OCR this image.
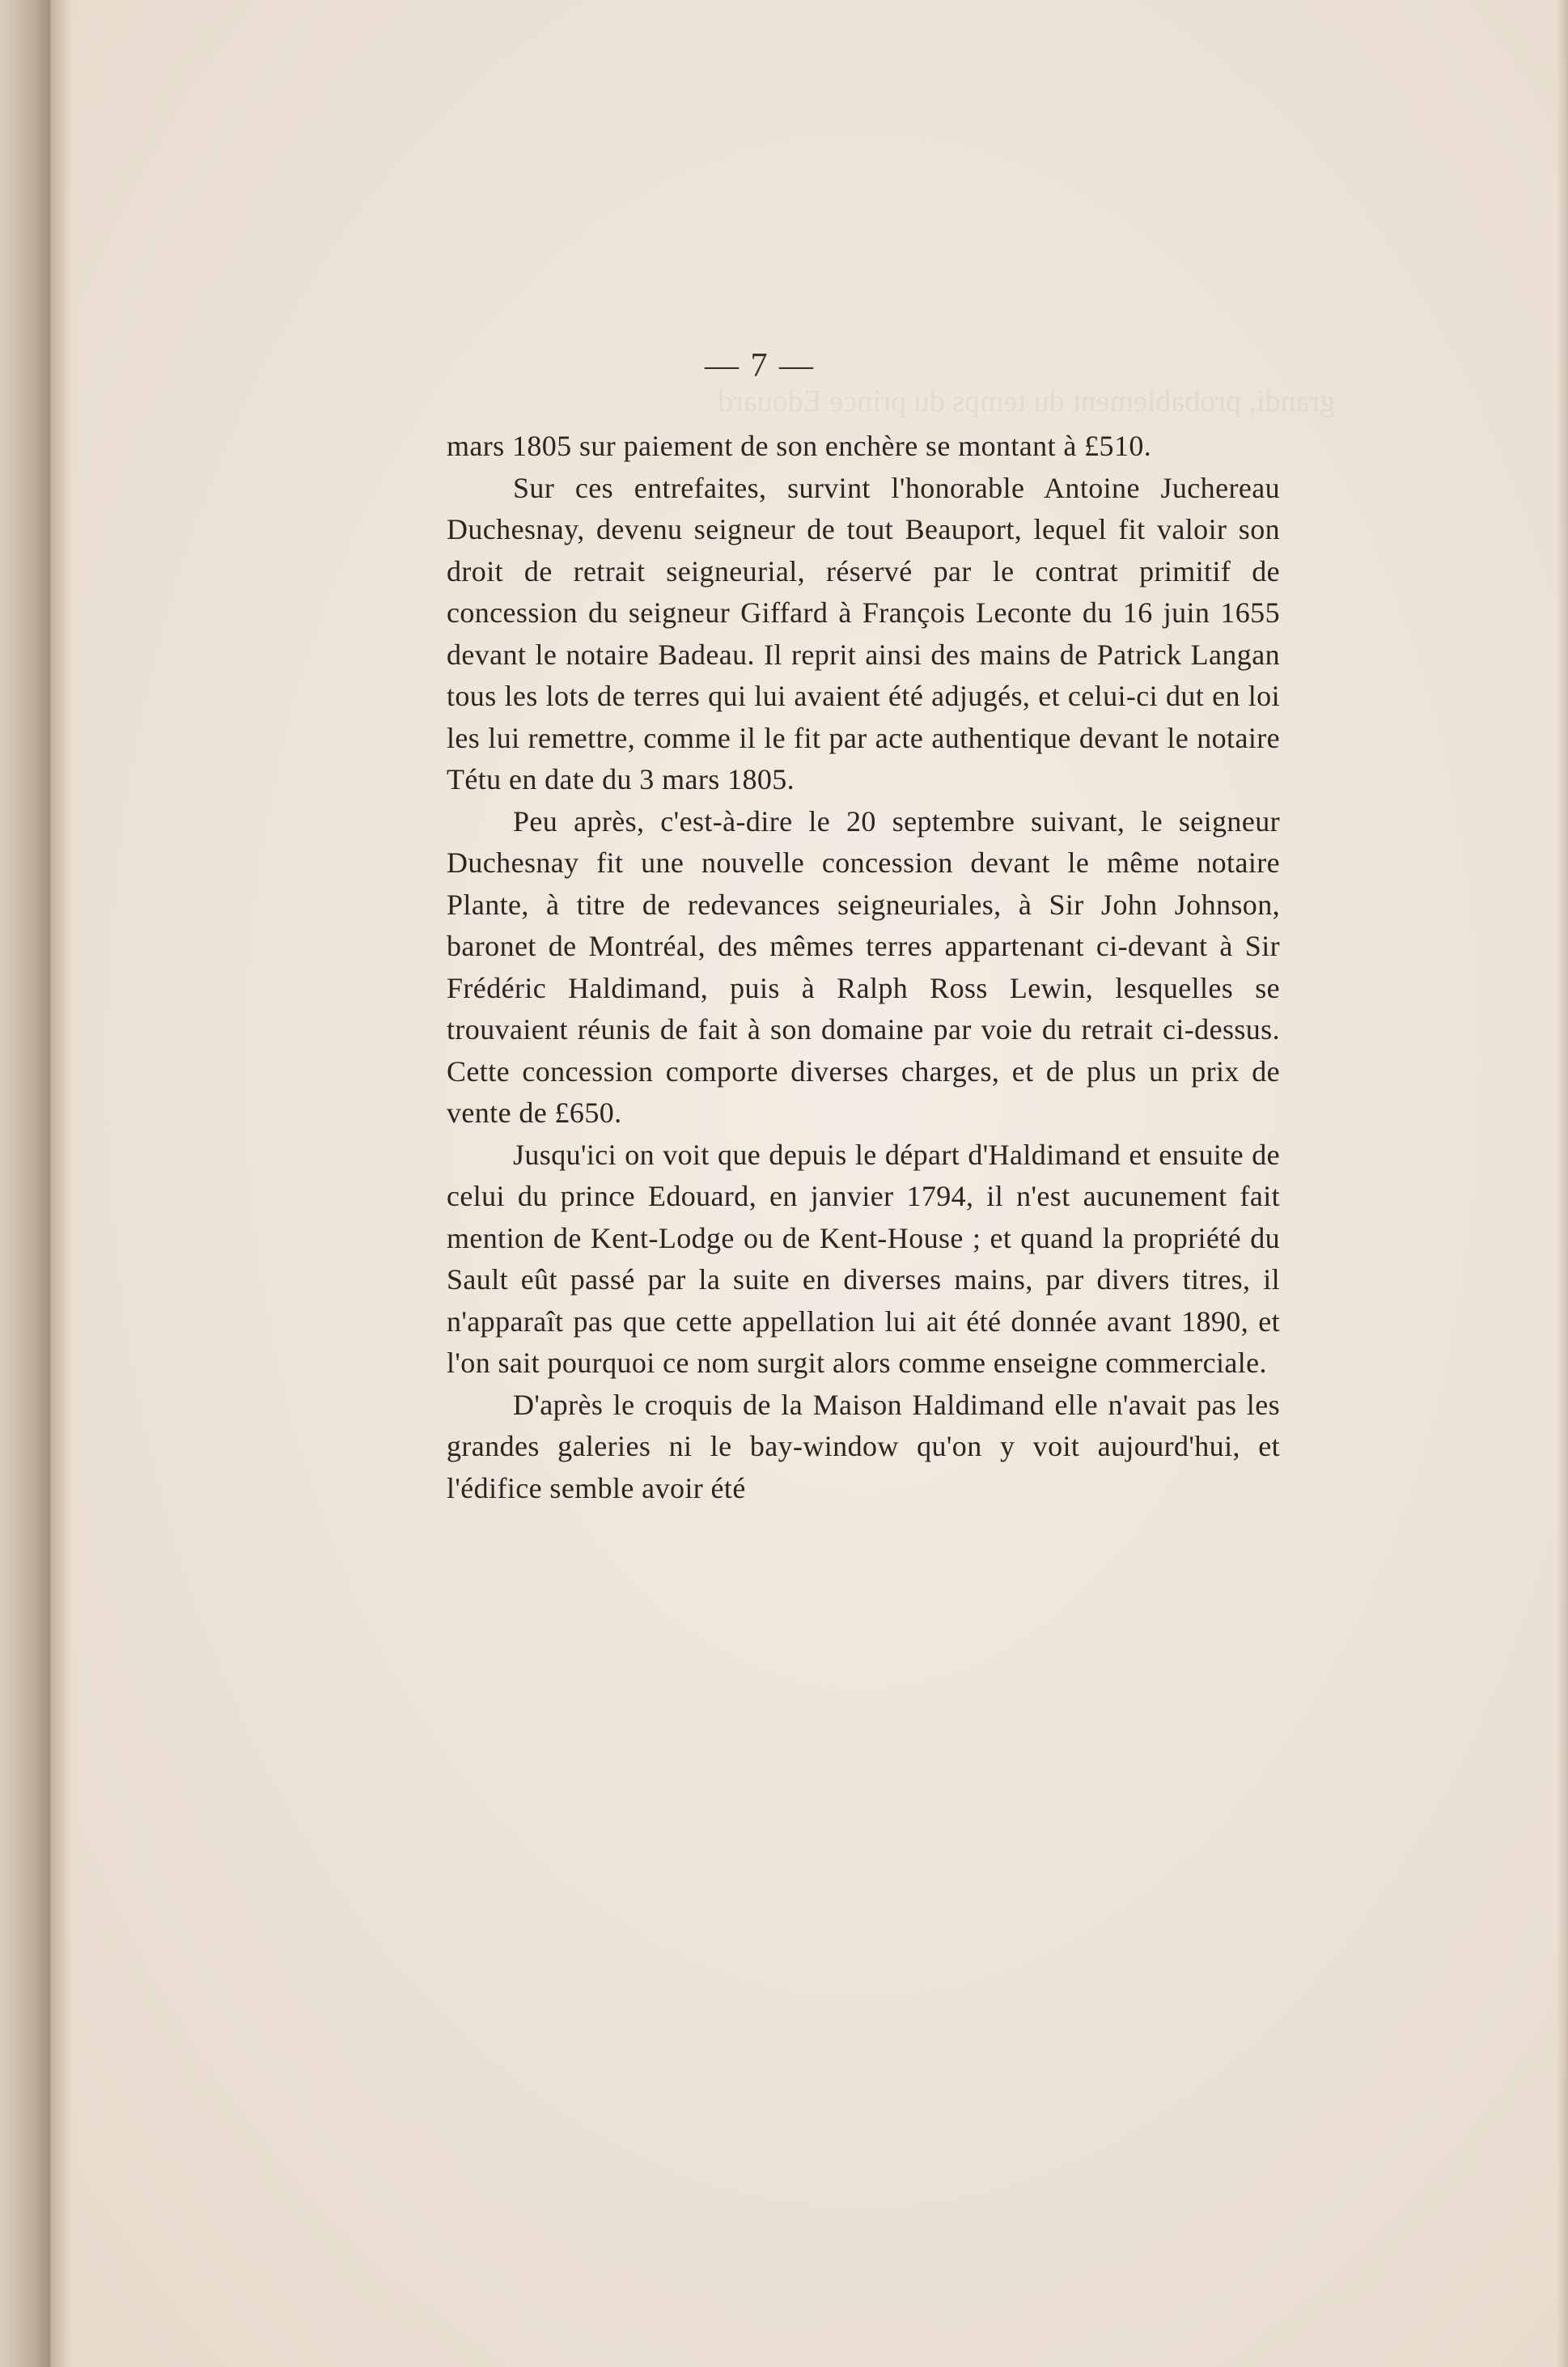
grandi, probablement du temps du prince Edouard
— 7 —

mars 1805 sur paiement de son enchère se montant à £510.

Sur ces entrefaites, survint l'honorable Antoine Juchereau Duchesnay, devenu seigneur de tout Beauport, lequel fit valoir son droit de retrait seigneurial, réservé par le contrat primitif de concession du seigneur Giffard à François Leconte du 16 juin 1655 devant le notaire Badeau. Il reprit ainsi des mains de Patrick Langan tous les lots de terres qui lui avaient été adjugés, et celui-ci dut en loi les lui remettre, comme il le fit par acte authentique devant le notaire Tétu en date du 3 mars 1805.

Peu après, c'est-à-dire le 20 septembre suivant, le seigneur Duchesnay fit une nouvelle concession devant le même notaire Plante, à titre de redevances seigneuriales, à Sir John Johnson, baronet de Montréal, des mêmes terres appartenant ci-devant à Sir Frédéric Haldimand, puis à Ralph Ross Lewin, lesquelles se trouvaient réunis de fait à son domaine par voie du retrait ci-dessus. Cette concession comporte diverses charges, et de plus un prix de vente de £650.

Jusqu'ici on voit que depuis le départ d'Haldimand et ensuite de celui du prince Edouard, en janvier 1794, il n'est aucunement fait mention de Kent-Lodge ou de Kent-House ; et quand la propriété du Sault eût passé par la suite en diverses mains, par divers titres, il n'apparaît pas que cette appellation lui ait été donnée avant 1890, et l'on sait pourquoi ce nom surgit alors comme enseigne commerciale.

D'après le croquis de la Maison Haldimand elle n'avait pas les grandes galeries ni le bay-window qu'on y voit aujourd'hui, et l'édifice semble avoir été
